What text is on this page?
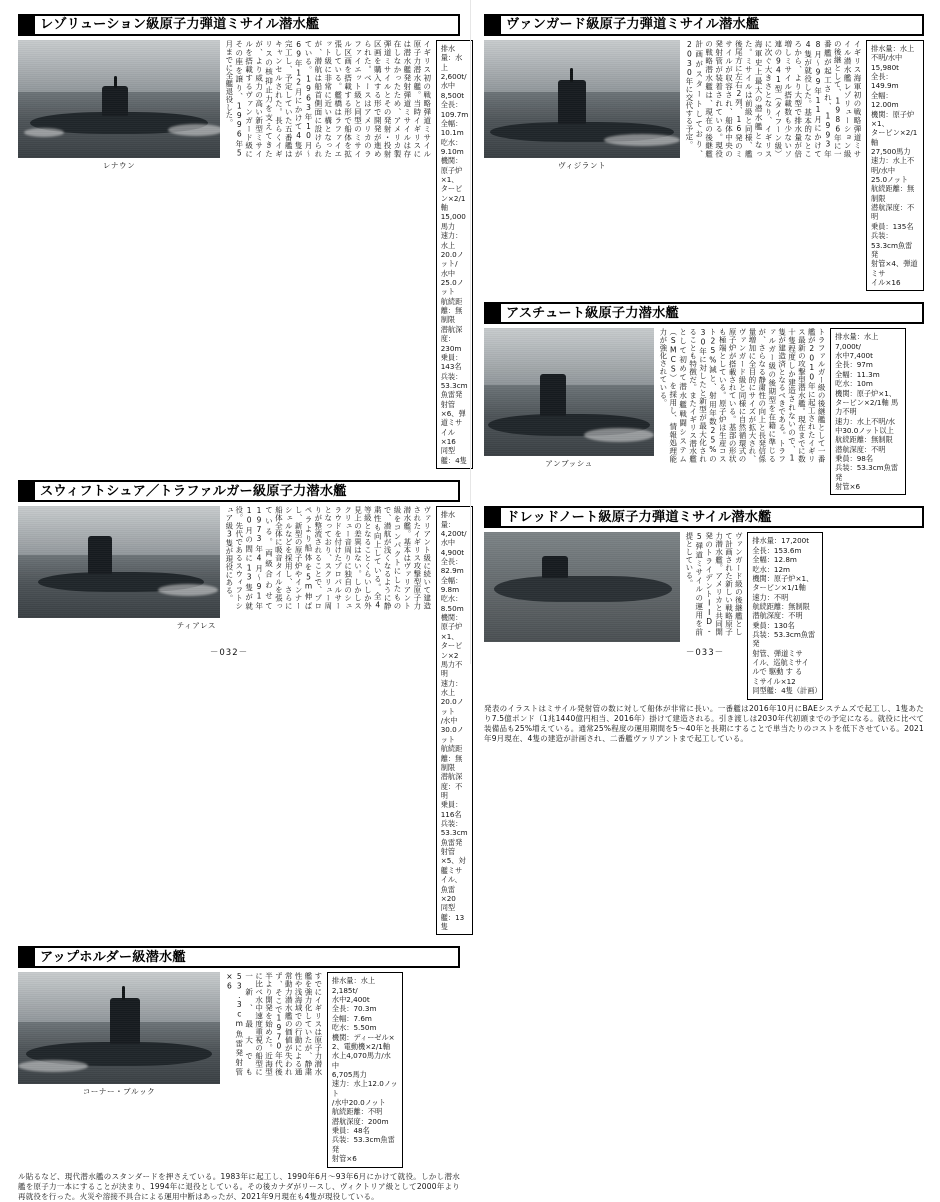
レゾリューション級原子力弾道ミサイル潜水艦
レナウン
イギリス初の戦略弾道ミサイル原子力潜水艦。当時イギリスには潜水艦発射弾道ミサイルは存在しなかったため、アメリカ製弾道ミサイルとその発射・投射区画を購入する形で開発が進められた。ベースはアメリカのラファイエット級と同型のミサイル区画を搭載する形で船体を拡張している。艦橋はラファイエット級に非常に近い構となったが、潜航は船首側面に設けられている。1963年10月～69年12月にかけて4隻が完工し、予定していた五番艦はキャンセルされた。長らくイギリスの核抑止力を支えてきたが、より威力の高い新型ミサイルを搭載するヴァンガード級にその座を譲り、1996年5月までに全艦退役した。	排水量：水上2,600t/
水中8,500t
全長：109.7m
全幅：10.1m
吃水：9.10m
機関：原子炉×1、
タービン×2/1軸
15,000馬力
速力：水上20.0ノット/
水中25.0ノット
航続距離：無制限
潜航深度：230m
乗員：143名
兵装：53.3cm魚雷発
射管×6、弾道ミサ
イル×16
同型艦：4隻
スウィフトシュア／トラファルガー級原子力潜水艦
ティアレス
ヴァリアント級に続いて建造されたイギリス攻撃型原子力潜水艦。基本はヴァリアント級をコンパクトにしたもので、潜航が浅くなるように静粛性も向上している。全4等級となることくらいしか外見上の差異はない。しかしスクリュー音周りに独自のシュラウドを付けたプロパルサーとなっており、スクリュー周りが整流されることで、プロペラより船体を5m伸ばし、新型の原子炉やインナーシェルなどを採用し、さらに船体全体に吸音タイルを張っている。両級合わせて1973年4月～91年10月の間に13隻が就役。先代であるスウィフトシュア級3隻が現役にある。	排水量：4,200t/
水中4,900t
全長：82.9m
全幅：9.8m
吃水：8.50m
機関：原子炉×1、
タービン×2 馬力不
明
速力：水上20.0ノット
/水中30.0ノット
航続距離：無制限
潜航深度：不明
乗員：116名
兵装：53.3cm魚雷発
射管×5、対艦ミサ
イル、魚雷×20
同型艦：13隻
アップホルダー級潜水艦
コーナー・ブルック
すでにイギリスは原子力潜水艦を強力化していたが、静粛性や浅海域での行動による通常動力潜水艦の価値が失われず、そこで1970年代後半より開発を始めた。近海型に比べ水中速度重視の船型に一新、最大でも53.3cm魚雷発射管×6	排水量：水上2,185t/
水中2,400t
全長：70.3m
全幅：7.6m
吃水：5.50m
機関：ディーゼル×
2、電動機×2/1軸
水上4,070馬力/水中
6,705馬力
速力：水上12.0ノット
/水中20.0ノット
航続距離：不明
潜航深度：200m
乗員：48名
兵装：53.3cm魚雷発
射管×6
ル貼るなど、現代潜水艦のスタンダードを押さえている。1983年に起工し、1990年6月～93年6月にかけて就役。しかし潜水艦を原子力一本にすることが決まり、1994年に退役としている。その後カナダがリースし、ヴィクトリア級として2000年より再就役を行った。火災や溶接不具合による運用中断はあったが、2021年9月現在も4隻が現役している。
－032－
ヴァンガード級原子力弾道ミサイル潜水艦
ヴィジラント
イギリス海軍初の戦略弾道ミサイル潜水艦レゾリューション級の後継として、1986年に一番艦が起工され、1993年8月～99年11月にかけて4隻が就役した。基本的なところから、より大型で排水量が倍増しミサイル搭載数も少ないソ連の941型（タイフーン級）に次ぐ大きさとなり、イギリス海軍史上最大の潜水艦となった。ミサイルは前級と同様、艦後尾方に左右2列、16発のミサイルが収容され、船体中央の発射管が装着されている。現役の戦略潜水艦は、現在の後継艦計画がスタートしており、2030年に交代する予定。	排水量：水上 不明/水中
15,980t
全長：149.9m
全幅：12.00m
機関：原子炉×1、
タービン×2/1軸
27,500馬力
速力：水上不明/水中
25.0ノット
航続距離：無制限
潜航深度：不明
乗員：135名
兵装：53.3cm魚雷発
射管×4、弾道ミサ
イル×16
アスチュート級原子力潜水艦
アンブッシュ
トラファルガー級の後継艦として一番艦が2010年に起工されたイギリス最新の攻撃型潜水艦。現在までに数十隻程度しか建造されないので、1隻が建造済となるべきである。トラファルガー級の後期型を在籍に準じるが、さらなる静粛性の向上と長発信係量増加に全目的にサイズが拡大され、ヴァンガード級と同様に自然循環式の原子炉が搭載されている。基部の形状も極端としている。原子炉は生産コスト25%減と、射用年数25%の30年に対したと新型が最大化されることも特徴だ。またイギリス潜水艦として初めて潜水艦戦闘システム（SMCS）を採用し、情報処理能力が強化されている。	排水量：水上7,000t/
水中7,400t
全長：97m
全幅：11.3m
吃水：10m
機関：原子炉×1、
タービン×2/1軸 馬
力不明
速力：水上不明/水
中30.0ノット以上
航続距離：無制限
潜航深度：不明
乗員：98名
兵装：53.3cm魚雷発
射管×6
ドレッドノート級原子力弾道ミサイル潜水艦
ヴァンガード級の後継艦として計画された新しい戦略原子力潜水艦。アメリカと共同開発のトライデントIID-5弾道ミサイルの運用を前提としている。	排水量：17,200t
全長：153.6m
全幅：12.8m
吃水：12m
機関：原子炉×1、
タービン×1/1軸
速力：不明
航続距離：無制限
潜航深度：不明
乗員：130名
兵装：53.3cm魚雷発
射管、弾道ミサ
イル、巡航ミサイ
ルで 駆動 す る
ミサイル×12
同型艦：4隻（計画）
発表のイラストはミサイル発射管の数に対して船体が非常に長い。一番艦は2016年10月にBAEシステムズで起工し、1隻あたり7.5億ポンド（1兆1440億円相当、2016年）掛けて建造される。引き渡しは2030年代初頭までの予定になる。就役に比べて装備品も25%増えている。通常25%程度の運用期間を5～40年と長期にすることで単当たりのコストを低下させている。2021年9月現在、4隻の建造が計画され、二番艦ヴァリアントまで起工している。
－033－
